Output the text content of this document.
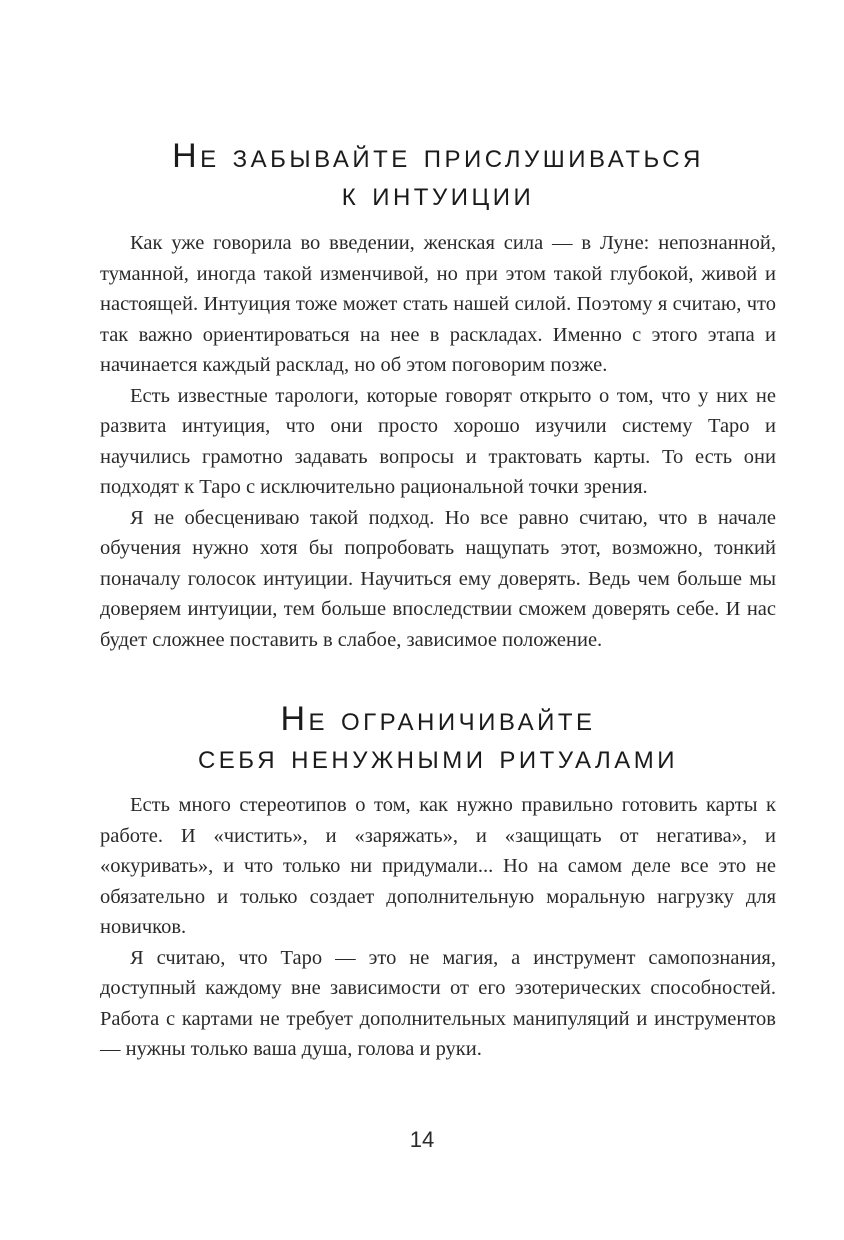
Не забывайте прислушиваться
к интуиции

Как уже говорила во введении, женская сила — в Луне: непознанной, туманной, иногда такой изменчивой, но при этом такой глубокой, живой и настоящей. Интуиция тоже может стать нашей силой. Поэтому я считаю, что так важно ориентироваться на нее в раскладах. Именно с этого этапа и начинается каждый расклад, но об этом поговорим позже.

Есть известные тарологи, которые говорят открыто о том, что у них не развита интуиция, что они просто хорошо изучили систему Таро и научились грамотно задавать вопросы и трактовать карты. То есть они подходят к Таро с исключительно рациональной точки зрения.

Я не обесцениваю такой подход. Но все равно считаю, что в начале обучения нужно хотя бы попробовать нащупать этот, возможно, тонкий поначалу голосок интуиции. Научиться ему доверять. Ведь чем больше мы доверяем интуиции, тем больше впоследствии сможем доверять себе. И нас будет сложнее поставить в слабое, зависимое положение.

Не ограничивайте
себя ненужными ритуалами

Есть много стереотипов о том, как нужно правильно готовить карты к работе. И «чистить», и «заряжать», и «защищать от негатива», и «окуривать», и что только ни придумали... Но на самом деле все это не обязательно и только создает дополнительную моральную нагрузку для новичков.

Я считаю, что Таро — это не магия, а инструмент самопознания, доступный каждому вне зависимости от его эзотерических способностей. Работа с картами не требует дополнительных манипуляций и инструментов — нужны только ваша душа, голова и руки.

14
